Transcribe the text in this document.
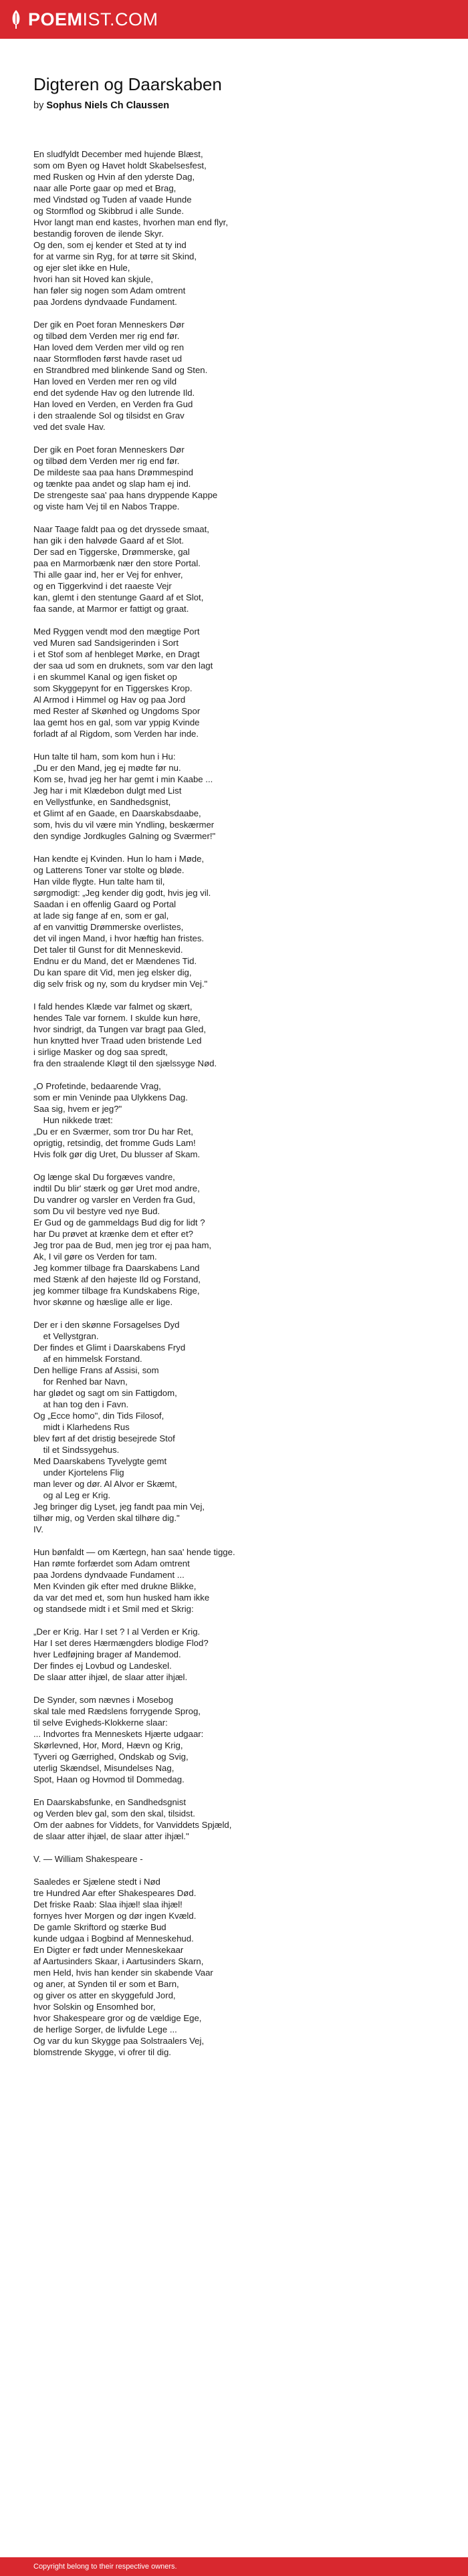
POEMIST.COM
Digteren og Daarskaben
by Sophus Niels Ch Claussen
En sludfyldt December med hujende Blæst,
som om Byen og Havet holdt Skabelsesfest,
med Rusken og Hvin af den yderste Dag,
naar alle Porte gaar op med et Brag,
med Vindstød og Tuden af vaade Hunde
og Stormflod og Skibbrud i alle Sunde.
Hvor langt man end kastes, hvorhen man end flyr,
bestandig foroven de ilende Skyr.
Og den, som ej kender et Sted at ty ind
for at varme sin Ryg, for at tørre sit Skind,
og ejer slet ikke en Hule,
hvori han sit Hoved kan skjule,
han føler sig nogen som Adam omtrent
paa Jordens dyndvaade Fundament.

Der gik en Poet foran Menneskers Dør
og tilbød dem Verden mer rig end før.
Han loved dem Verden mer vild og ren
naar Stormfloden først havde raset ud
en Strandbred med blinkende Sand og Sten.
Han loved en Verden mer ren og vild
end det sydende Hav og den lutrende Ild.
Han loved en Verden, en Verden fra Gud
i den straalende Sol og tilsidst en Grav
ved det svale Hav.

Der gik en Poet foran Menneskers Dør
og tilbød dem Verden mer rig end før.
De mildeste saa paa hans Drømmespind
og tænkte paa andet og slap ham ej ind.
De strengeste saa' paa hans dryppende Kappe
og viste ham Vej til en Nabos Trappe.

Naar Taage faldt paa og det dryssede smaat,
han gik i den halvøde Gaard af et Slot.
Der sad en Tiggerske, Drømmerske, gal
paa en Marmorbænk nær den store Portal.
Thi alle gaar ind, her er Vej for enhver,
og en Tiggerkvind i det raaeste Vejr
kan, glemt i den stentunge Gaard af et Slot,
faa sande, at Marmor er fattigt og graat.

Med Ryggen vendt mod den mægtige Port
ved Muren sad Sandsigerinden i Sort
i et Stof som af henbleget Mørke, en Dragt
der saa ud som en druknets, som var den lagt
i en skummel Kanal og igen fisket op
som Skyggepynt for en Tiggerskes Krop.
Al Armod i Himmel og Hav og paa Jord
med Rester af Skønhed og Ungdoms Spor
laa gemt hos en gal, som var yppig Kvinde
forladt af al Rigdom, som Verden har inde.

Hun talte til ham, som kom hun i Hu:
„Du er den Mand, jeg ej mødte før nu.
Kom se, hvad jeg her har gemt i min Kaabe ...
Jeg har i mit Klædebon dulgt med List
en Vellystfunke, en Sandhedsgnist,
et Glimt af en Gaade, en Daarskabsdaabe,
som, hvis du vil være min Yndling, beskærmer
den syndige Jordkugles Galning og Sværmer!"

Han kendte ej Kvinden. Hun lo ham i Møde,
og Latterens Toner var stolte og bløde.
Han vilde flygte. Hun talte ham til,
sørgmodigt: „Jeg kender dig godt, hvis jeg vil.
Saadan i en offenlig Gaard og Portal
at lade sig fange af en, som er gal,
af en vanvittig Drømmerske overlistes,
det vil ingen Mand, i hvor hæftig han fristes.
Det taler til Gunst for dit Menneskevid.
Endnu er du Mand, det er Mændenes Tid.
Du kan spare dit Vid, men jeg elsker dig,
dig selv frisk og ny, som du krydser min Vej."

I fald hendes Klæde var falmet og skært,
hendes Tale var fornem. I skulde kun høre,
hvor sindrigt, da Tungen var bragt paa Gled,
hun knytted hver Traad uden bristende Led
i sirlige Masker og dog saa spredt,
fra den straalende Kløgt til den sjælssyge Nød.

„O Profetinde, bedaarende Vrag,
som er min Veninde paa Ulykkens Dag.
Saa sig, hvem er jeg?"
Hun nikkede træt:
„Du er en Sværmer, som tror Du har Ret,
oprigtig, retsindig, det fromme Guds Lam!
Hvis folk gør dig Uret, Du blusser af Skam.

Og længe skal Du forgæves vandre,
indtil Du blir' stærk og gør Uret mod andre,
Du vandrer og varsler en Verden fra Gud,
som Du vil bestyre ved nye Bud.
Er Gud og de gammeldags Bud dig for lidt ?
har Du prøvet at krænke dem et efter et?
Jeg tror paa de Bud, men jeg tror ej paa ham,
Ak, I vil gøre os Verden for tam.
Jeg kommer tilbage fra Daarskabens Land
med Stænk af den højeste Ild og Forstand,
jeg kommer tilbage fra Kundskabens Rige,
hvor skønne og hæslige alle er lige.

Der er i den skønne Forsagelses Dyd
et Vellystgran.
Der findes et Glimt i Daarskabens Fryd
af en himmelsk Forstand.
Den hellige Frans af Assisi, som
for Renhed bar Navn,
har glødet og sagt om sin Fattigdom,
at han tog den i Favn.
Og „Ecce homo", din Tids Filosof,
midt i Klarhedens Rus
blev ført af det dristig besejrede Stof
til et Sindssygehus.
Med Daarskabens Tyvelygte gemt
under Kjortelens Flig
man lever og dør. Al Alvor er Skæmt,
og al Leg er Krig.
Jeg bringer dig Lyset, jeg fandt paa min Vej,
tilhør mig, og Verden skal tilhøre dig."
IV.

Hun bønfaldt — om Kærtegn, han saa' hende tigge.
Han rømte forfærdet som Adam omtrent
paa Jordens dyndvaade Fundament ...
Men Kvinden gik efter med drukne Blikke,
da var det med et, som hun husked ham ikke
og standsede midt i et Smil med et Skrig:

„Der er Krig. Har I set ? I al Verden er Krig.
Har I set deres Hærmængders blodige Flod?
hver Ledføjning brager af Mandemod.
Der findes ej Lovbud og Landeskel.
De slaar atter ihjæl, de slaar atter ihjæl.

De Synder, som nævnes i Mosebog
skal tale med Rædslens forrygende Sprog,
til selve Evigheds-Klokkerne slaar:
... Indvortes fra Menneskets Hjærte udgaar:
Skørlevned, Hor, Mord, Hævn og Krig,
Tyveri og Gærrighed, Ondskab og Svig,
uterlig Skændsel, Misundelses Nag,
Spot, Haan og Hovmod til Dommedag.

En Daarskabsfunke, en Sandhedsgnist
og Verden blev gal, som den skal, tilsidst.
Om der aabnes for Viddets, for Vanviddets Spjæld,
de slaar atter ihjæl, de slaar atter ihjæl."

V. — William Shakespeare -

Saaledes er Sjælene stedt i Nød
tre Hundred Aar efter Shakespeares Død.
Det friske Raab: Slaa ihjæl! slaa ihjæl!
fornyes hver Morgen og dør ingen Kvæld.
De gamle Skriftord og stærke Bud
kunde udgaa i Bogbind af Menneskehud.
En Digter er født under Menneskekaar
af Aartusinders Skaar, i Aartusinders Skarn,
men Held, hvis han kender sin skabende Vaar
og aner, at Synden til er som et Barn,
og giver os atter en skyggefuld Jord,
hvor Solskin og Ensomhed bor,
hvor Shakespeare gror og de vældige Ege,
de herlige Sorger, de livfulde Lege ...
Og var du kun Skygge paa Solstraalers Vej,
blomstrende Skygge, vi ofrer til dig.
Copyright belong to their respective owners.
